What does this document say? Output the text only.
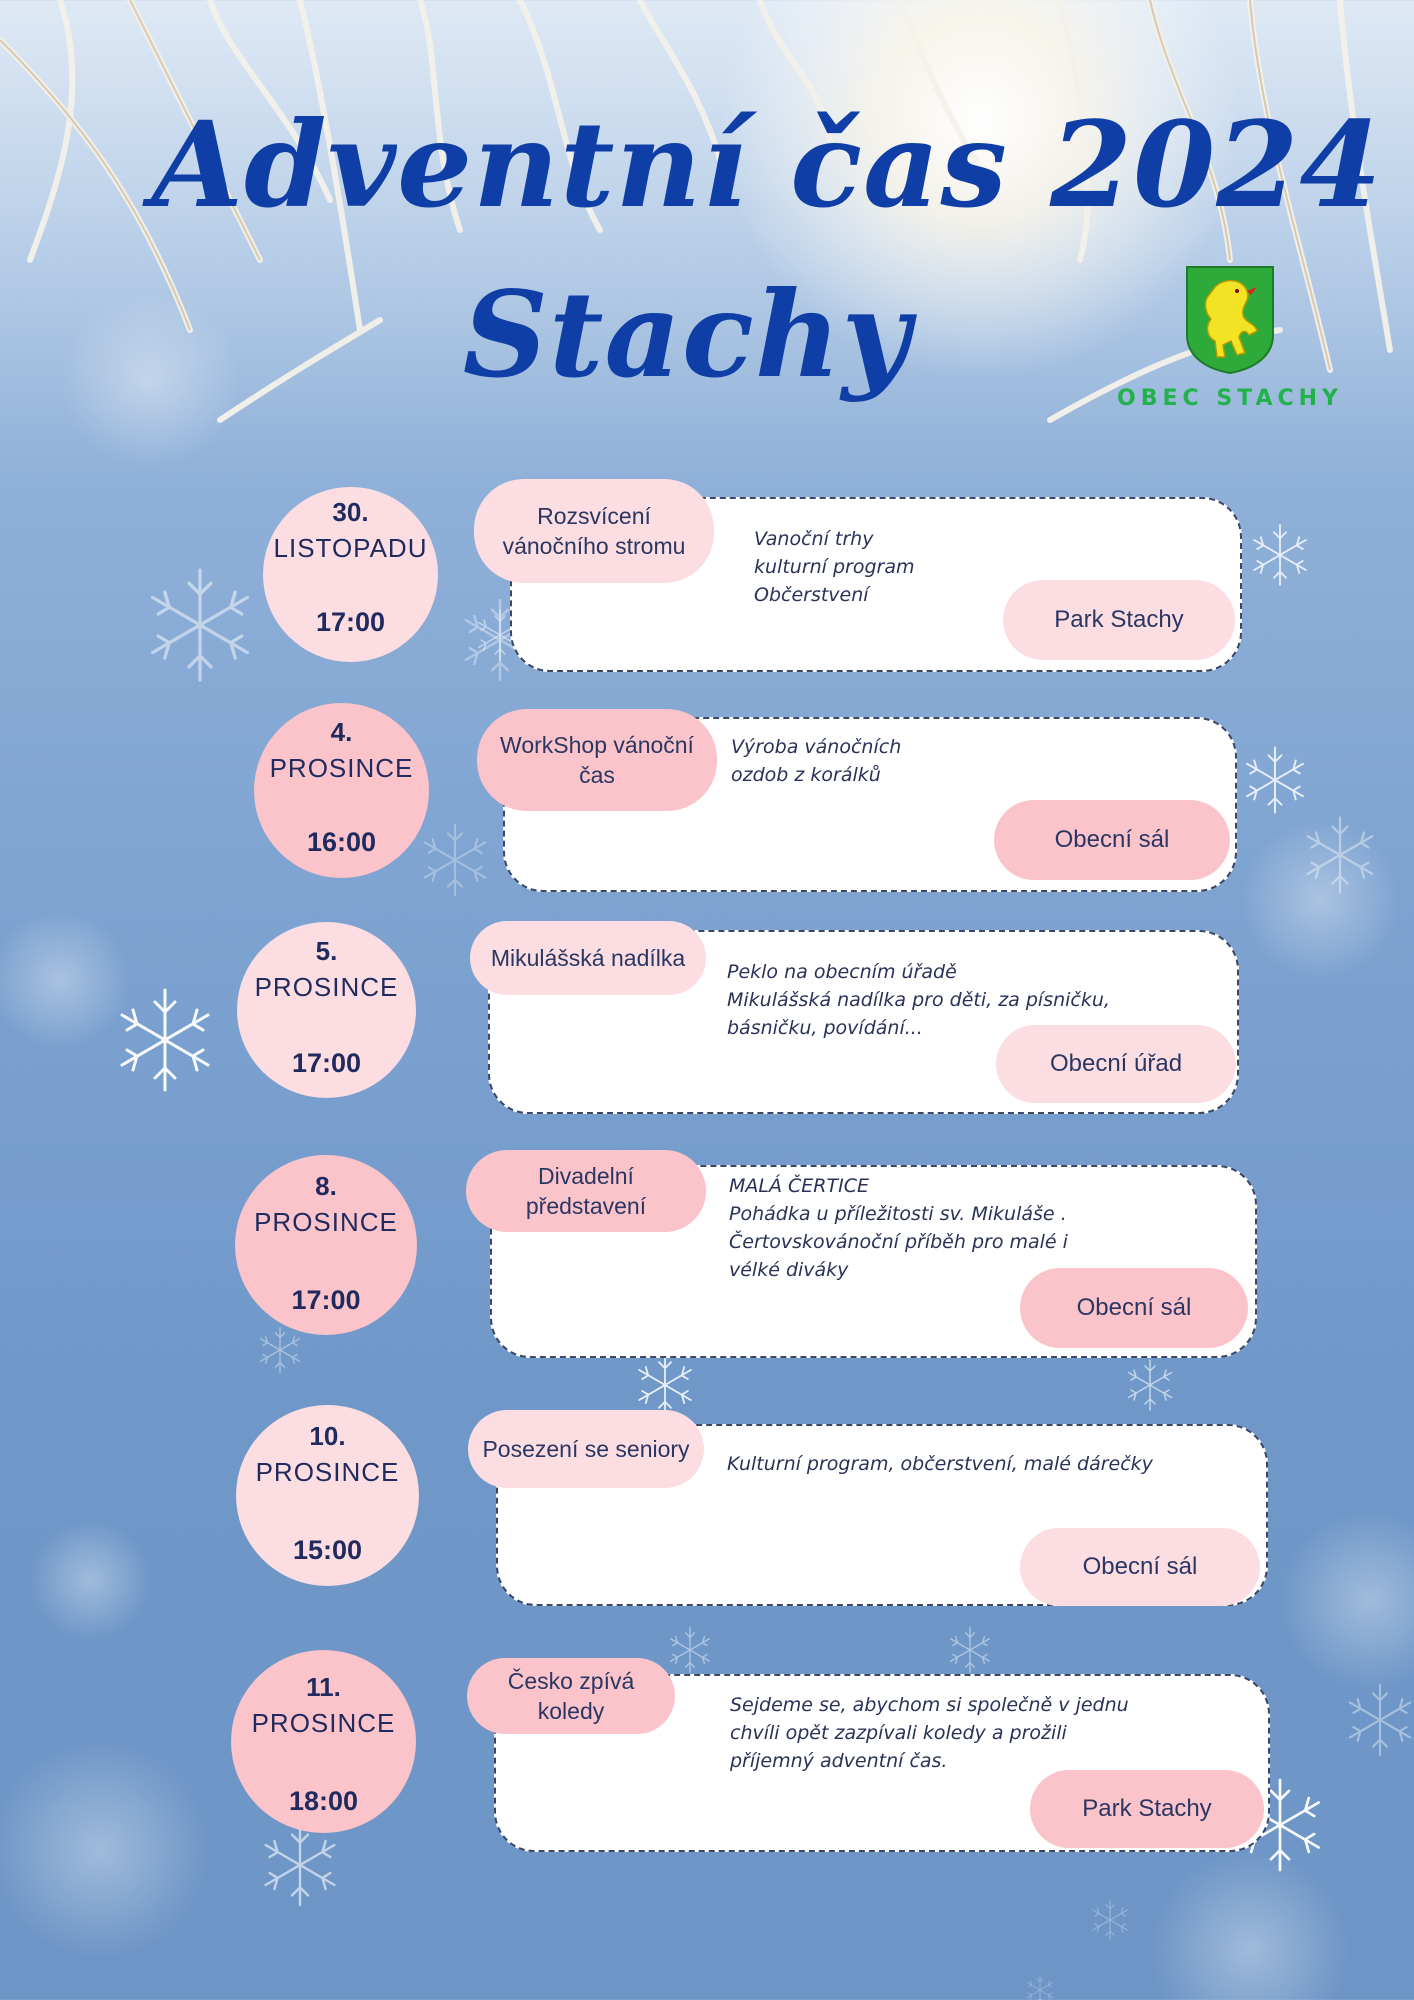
Adventní čas 2024
Stachy	OBEC STACHY
30.
LISTOPADU
17:00
Rozsvícení vánočního stromu	Vanoční trhy
kulturní program
Občerstvení
Park Stachy
4.
PROSINCE
16:00
WorkShop vánoční čas
Výroba vánočních
ozdob z korálků
Obecní sál
5.
PROSINCE
17:00
Mikulášská nadílka
Peklo na obecním úřadě
Mikulášská nadílka pro děti, za písničku,
básničku, povídání...
Obecní úřad
8.
PROSINCE
17:00
Divadelní představení
MALÁ ČERTICE
Pohádka u příležitosti sv. Mikuláše .
Čertovskovánoční příběh pro malé i
vélké diváky
Obecní sál
10.
PROSINCE
15:00
Posezení se seniory
Kulturní program, občerstvení, malé dárečky
Obecní sál
11.
PROSINCE
18:00
Česko zpívá koledy	Sejdeme se, abychom si společně v jednu
chvíli opět zazpívali koledy a prožili
příjemný adventní čas.
Park Stachy
